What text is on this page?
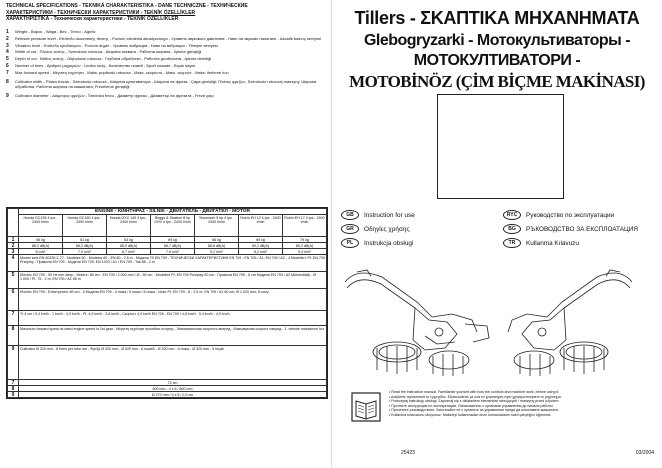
TECHNICAL SPECIFICATIONS - TEKNIKÁ CHARAKTERISTIKA - DANE TECHNICZNE - TEXHИЧЕСКИЕ
ХАРАКТЕРИСТИКИ - ТЕХНИЧЕСКИ ХАРАКТЕРИСТИКИ - TEKNİK ÖZELLİKLER
ΧΑΡΑΚΤΗΡΙΣΤΙΚΑ - Технически характеристики - TEKNİK ÖZELLİKLER
1	Weight - Βάρος - Waga - Вес - Тегло - Ağırlık
2	Reinsde pressure level - Επίπεδο ακουστικής πίεσης - Poziom ciśnienia akustycznego - Уровень звукового давления - Ниво на звуково налягане - Akustik basınç seviyesi
3	Vibration level - Επίπεδο κραδασμών - Poziom drgań - Уровень вибрации - Ниво на вибрации - Titreşim seviyesi
4	Width of cut - Πλάτος κοπής - Szerokość robocza - Ширина захвата - Работна ширина - İşleme genişliği
5	Depth of cut - Βάθος κοπής - Głębokość robocza - Глубина обработки - Работна дълбочина - İşleme derinliği
6	Number of tines - Αριθμός μαχαιριών - Liczba noży - Количество ножей - Брой ножове - Bıçak sayısı
7	Max forward speed - Μέγιστη ταχύτητα - Maks. prędkość robocza - Макс. скорость - Макс. скорост - Maks. ilerleme hızı
8	Cultivator width - Platos frezas - Szerokość robocza - Ширина культиватора - Ширина на фреза - Çapa genişliği; Πλάτος φρεζών, Szerokość roboczej maszyny, Ширина обработки, Работна ширина на машината, Frezeleme genişliği
9	Cultivator diameter - Διάμετρος φρεζών - Średnica frezu - Диаметр фрезы - Диаметър на фрезата - Freze çapı
	ENGINE - ΚΙΝΗΤΗΡΑΣ - SILNIK - ДВИГАТЕЛЬ - ДВИГАТЕЛ - MOTOR						
	Honda GC135 4 tps - 2400 t/min	Honda GC160 4 tps - 2400 t/min	Honda GXV 140 4 tps - 2400 t/min	Briggs & Stratton 8 hp OHV 4 tps - 2400 t/min	Tecumseh 5 hp 4 tps - 2400 t/min	Robin EH 12 4 tps - 2400 t/min	Robin EH 17 4 tps - 2400 t/min
1	58 kg	61 kg	63 kg	69 kg	66 kg	69 kg	79 kg
2	88,2 dB(A)	88,2 dB(A)	88,0 dB(A)	88,7 dB(A)	88,8 dB(A)	89,2 dB(A)	89,2 dB(A)
3	8 m/s²	7,9 m/s²	8,7 m/s²	7,8 m/s²	9,2 m/s²	8,2 m/s²	9,4 m/s²
4	Mower sets EN 60335-2-77 - Modèles 50 - Modelos 60 - EN 60 - 2,5 m - Модели 70 EN 709 - ТЕХНИЧЕСКИ ХАРАКТЕРИСТИКИ EN 709 - EN 709 / A1; EN 709 / A2 - 4 Modelleri; Pt. EN 709 Przepisy - Правила EN 709 - Модели EN 709; EN 1033 / A1 / EN 709 - Tak 88 - 2 m						
5	Electric EN 709 - 50 Hz mm deep - Moteur: 80 cm - ΕΝ 709 / 2.000 mm / Ø - 80 cm - Modelleri Pt. EN 709 Przepisy 60 cm - Правила EN 709 - 8 cm Модели EN 709 / A2 Mühendislik - Ø 1.000 / Pt. 75 - 2 m; EN 709 / A1 55 m						
6	Electric EN 709 - Електронен: 80 cm - 3 Модели EN 709 - 4 ножа / 6 ножа / 8 ножа - Noże Pt. EN 709 - 8 - 2,5 m; EN 709 / A1 60 cm; Ø 1.020 mm; 8 noży						
7	Tr 4 cm / 5,4 km/h - 1 km/h - 4,9 km/h - Pt. 4,9 km/h - 3,8 km/h - Скорост 4,9 km/h EN 709 - EN 709 / 4,8 km/h - 5,4 km/h - 4,9 km/h						
8	Maximum forward speed at rated engine speed in 1st gear - Μέγιστη ταχύτητα πρόσθιας κίνησης - Максимальная скорость вперед - Максимална скорост напред - 1. vitesde maksimum hız						
9	Cultivator Ø 320 mm - 6 tines per rotor set - Φρέζα Ø 320 mm - Ø 320 mm - 6 ножей - Ø 320 mm - 6 ножа - Ø 320 mm - 6 bıçak						
7	72 cm						
8	600 mm - 4 x 6 / 800 mm						
9	Ø 270 mm / 4 x 6 / 2,0 cm						
Tillers - ΣΚΑΠΤΙΚΑ ΜΗΧΑΝΗΜΑΤΑ
Glebogryzarki - Мотокультиваторы -
МОТОКУЛТИВАТОРИ -
MOTOBİNÖZ (ÇİM BİÇME MAKİNASI)
GB	Instruction for use
GR	Οδηγίες χρήσης
PL	Instrukcja obsługi
RYC	Руководство по эксплуатации
BG	РЪКОВОДСТВО ЗА ЕКСПЛОАТАЦИЯ
TR	Kullanma Kılavuzu
• Read the instruction manual. Familiarise yourself with how the controls and machine work, before using it.
• Διαβάστε προσεκτικά το εγχειρίδιο. Εξοικειωθείτε με όλα τα χειριστήρια πριν χρησιμοποιήσετε το μηχάνημα.
• Przeczytaj instrukcję obsługi. Zapoznaj się z działaniem elementów sterujących i maszyny przed użyciem.
• Прочтите инструкцию по эксплуатации. Ознакомьтесь с органами управления до начала работы.
• Прочетете ръководството. Запознайте се с органите за управление преди да използвате машината.
• Kullanma kılavuzunu okuyunuz. Makineyi kullanmadan önce kumandaların nasıl çalıştığını öğreniniz.
25423	03/2004
